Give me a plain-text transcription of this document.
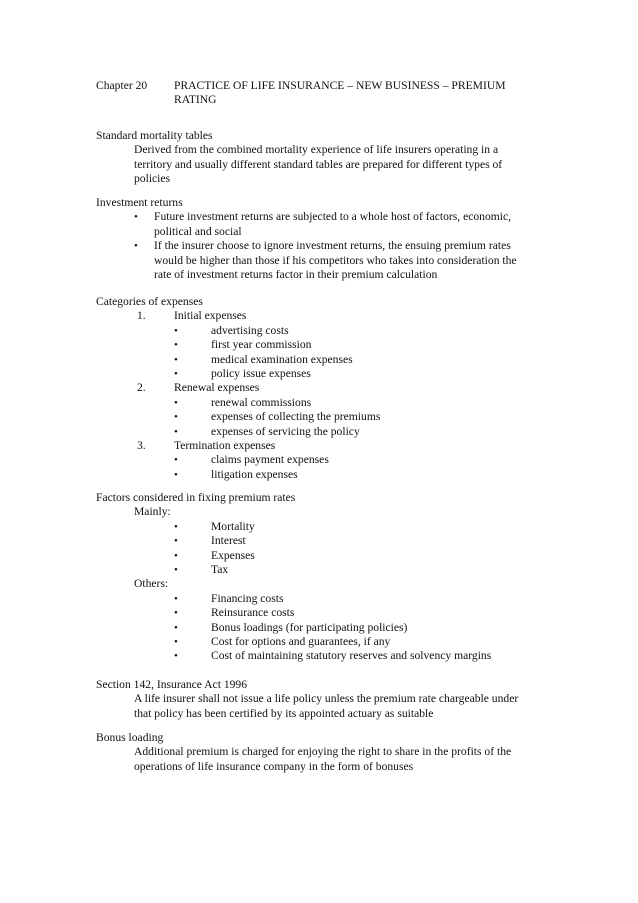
Chapter 20 PRACTICE OF LIFE INSURANCE – NEW BUSINESS – PREMIUM RATING
Standard mortality tables
Derived from the combined mortality experience of life insurers operating in a territory and usually different standard tables are prepared for different types of policies
Investment returns
• Future investment returns are subjected to a whole host of factors, economic, political and social
• If the insurer choose to ignore investment returns, the ensuing premium rates would be higher than those if his competitors who takes into consideration the rate of investment returns factor in their premium calculation
Categories of expenses
1. Initial expenses
•	advertising costs
•	first year commission
•	medical examination expenses
•	policy issue expenses
2. Renewal expenses
•	renewal commissions
•	expenses of collecting the premiums
•	expenses of servicing the policy
3. Termination expenses
•	claims payment expenses
•	litigation expenses
Factors considered in fixing premium rates
Mainly:
•	Mortality
•	Interest
•	Expenses
•	Tax
Others:
•	Financing costs
•	Reinsurance costs
•	Bonus loadings (for participating policies)
•	Cost for options and guarantees, if any
•	Cost of maintaining statutory reserves and solvency margins
Section 142, Insurance Act 1996
A life insurer shall not issue a life policy unless the premium rate chargeable under that policy has been certified by its appointed actuary as suitable
Bonus loading
Additional premium is charged for enjoying the right to share in the profits of the operations of life insurance company in the form of bonuses
